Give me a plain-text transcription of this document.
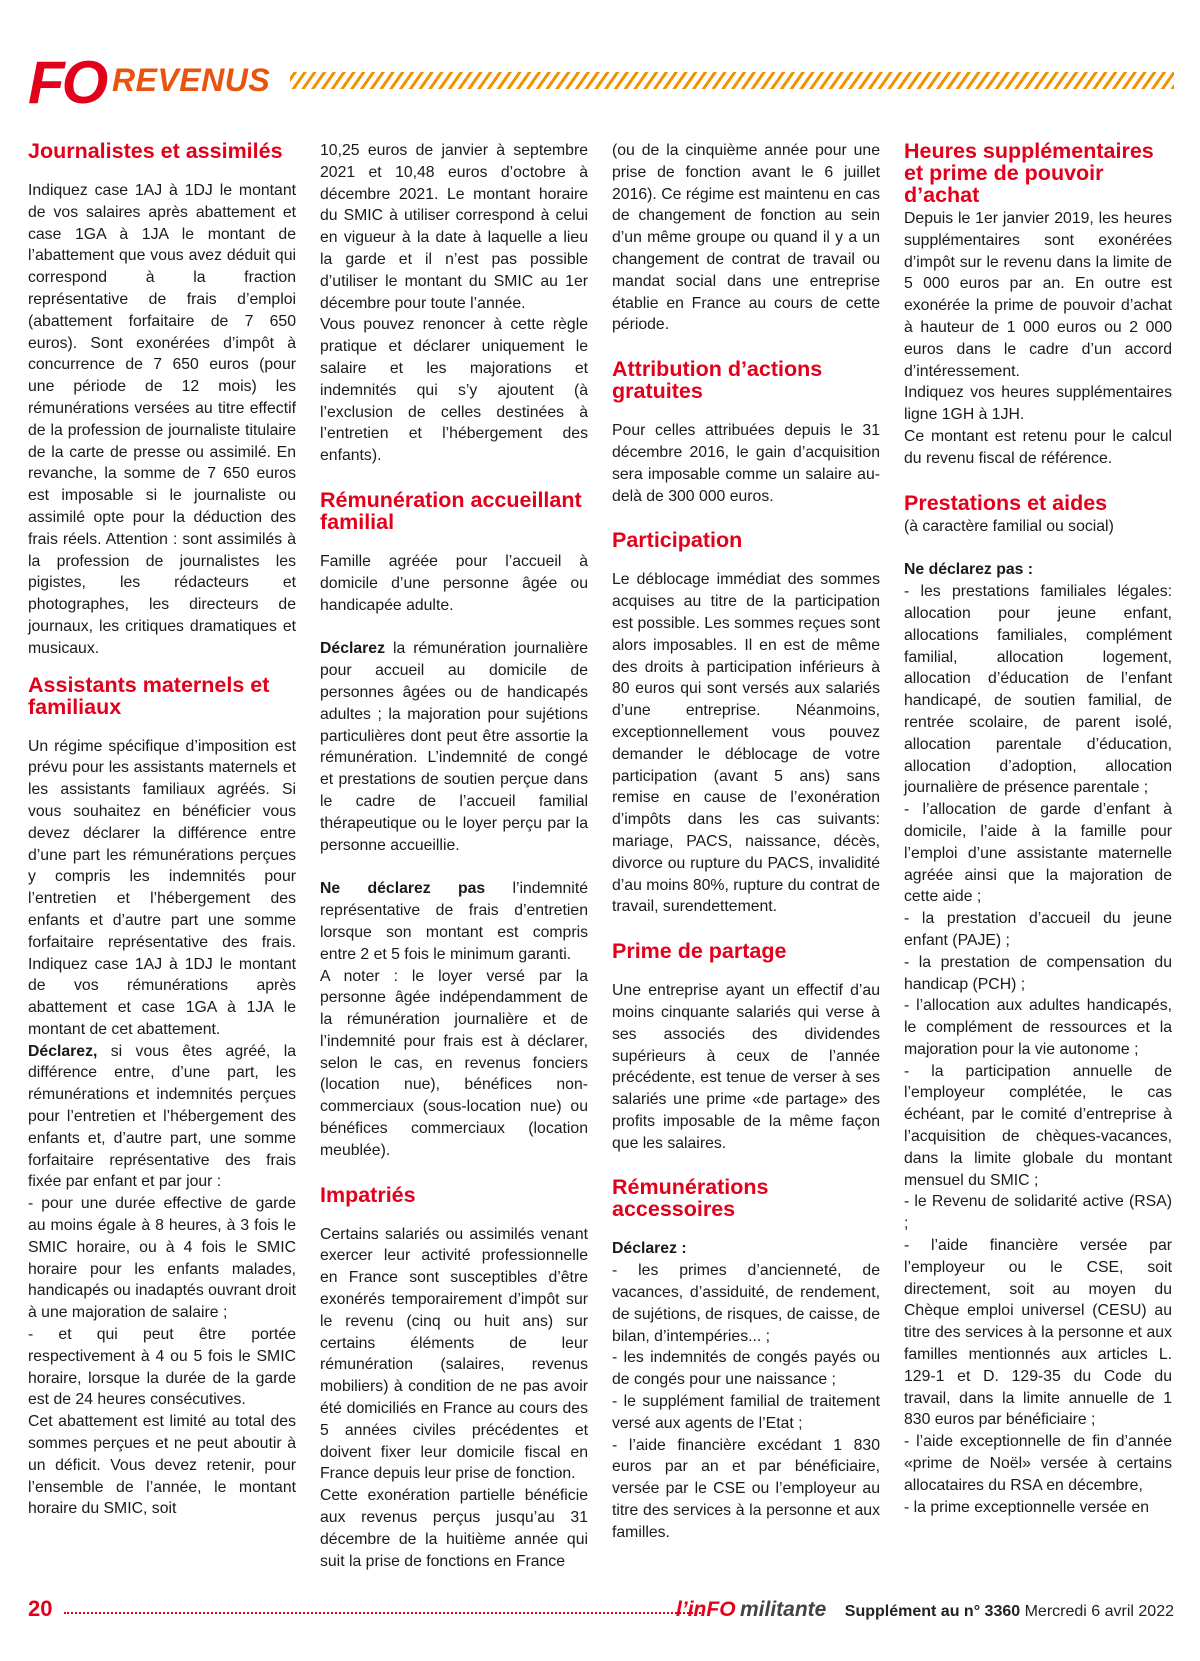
FO REVENUS
Journalistes et assimilés

Indiquez case 1AJ à 1DJ le montant de vos salaires après abattement et case 1GA à 1JA le montant de l’abattement que vous avez déduit qui correspond à la fraction représentative de frais d’emploi (abattement forfaitaire de 7 650 euros). Sont exonérées d’impôt à concurrence de 7 650 euros (pour une période de 12 mois) les rémunérations versées au titre effectif de la profession de journaliste titulaire de la carte de presse ou assimilé. En revanche, la somme de 7 650 euros est imposable si le journaliste ou assimilé opte pour la déduction des frais réels. Attention : sont assimilés à la profession de journalistes les pigistes, les rédacteurs et photographes, les directeurs de journaux, les critiques dramatiques et musicaux.

Assistants maternels et familiaux

Un régime spécifique d’imposition est prévu pour les assistants maternels et les assistants familiaux agréés. Si vous souhaitez en bénéficier vous devez déclarer la différence entre d’une part les rémunérations perçues y compris les indemnités pour l’entretien et l’hébergement des enfants et d’autre part une somme forfaitaire représentative des frais. Indiquez case 1AJ à 1DJ le montant de vos rémunérations après abattement et case 1GA à 1JA le montant de cet abattement.

Déclarez, si vous êtes agréé, la différence entre, d’une part, les rémunérations et indemnités perçues pour l’entretien et l’hébergement des enfants et, d’autre part, une somme forfaitaire représentative des frais fixée par enfant et par jour :

- pour une durée effective de garde au moins égale à 8 heures, à 3 fois le SMIC horaire, ou à 4 fois le SMIC horaire pour les enfants malades, handicapés ou inadaptés ouvrant droit à une majoration de salaire ;

- et qui peut être portée respectivement à 4 ou 5 fois le SMIC horaire, lorsque la durée de la garde est de 24 heures consécutives.

Cet abattement est limité au total des sommes perçues et ne peut aboutir à un déficit. Vous devez retenir, pour l’ensemble de l’année, le montant horaire du SMIC, soit

10,25 euros de janvier à septembre 2021 et 10,48 euros d’octobre à décembre 2021. Le montant horaire du SMIC à utiliser correspond à celui en vigueur à la date à laquelle a lieu la garde et il n’est pas possible d’utiliser le montant du SMIC au 1er décembre pour toute l’année.

Vous pouvez renoncer à cette règle pratique et déclarer uniquement le salaire et les majorations et indemnités qui s’y ajoutent (à l’exclusion de celles destinées à l’entretien et l’hébergement des enfants).

Rémunération accueillant familial

Famille agréée pour l’accueil à domicile d’une personne âgée ou handicapée adulte.

Déclarez la rémunération journalière pour accueil au domicile de personnes âgées ou de handicapés adultes ; la majoration pour sujétions particulières dont peut être assortie la rémunération. L’indemnité de congé et prestations de soutien perçue dans le cadre de l’accueil familial thérapeutique ou le loyer perçu par la personne accueillie.

Ne déclarez pas l’indemnité représentative de frais d’entretien lorsque son montant est compris entre 2 et 5 fois le minimum garanti.

A noter : le loyer versé par la personne âgée indépendamment de la rémunération journalière et de l’indemnité pour frais est à déclarer, selon le cas, en revenus fonciers (location nue), bénéfices non-commerciaux (sous-location nue) ou bénéfices commerciaux (location meublée).

Impatriés

Certains salariés ou assimilés venant exercer leur activité professionnelle en France sont susceptibles d’être exonérés temporairement d’impôt sur le revenu (cinq ou huit ans) sur certains éléments de leur rémunération (salaires, revenus mobiliers) à condition de ne pas avoir été domiciliés en France au cours des 5 années civiles précédentes et doivent fixer leur domicile fiscal en France depuis leur prise de fonction.

Cette exonération partielle bénéficie aux revenus perçus jusqu’au 31 décembre de la huitième année qui suit la prise de fonctions en France

(ou de la cinquième année pour une prise de fonction avant le 6 juillet 2016). Ce régime est maintenu en cas de changement de fonction au sein d’un même groupe ou quand il y a un changement de contrat de travail ou mandat social dans une entreprise établie en France au cours de cette période.

Attribution d’actions gratuites

Pour celles attribuées depuis le 31 décembre 2016, le gain d’acquisition sera imposable comme un salaire au-delà de 300 000 euros.

Participation

Le déblocage immédiat des sommes acquises au titre de la participation est possible. Les sommes reçues sont alors imposables. Il en est de même des droits à participation inférieurs à 80 euros qui sont versés aux salariés d’une entreprise. Néanmoins, exceptionnellement vous pouvez demander le déblocage de votre participation (avant 5 ans) sans remise en cause de l’exonération d’impôts dans les cas suivants: mariage, PACS, naissance, décès, divorce ou rupture du PACS, invalidité d’au moins 80%, rupture du contrat de travail, surendettement.

Prime de partage

Une entreprise ayant un effectif d’au moins cinquante salariés qui verse à ses associés des dividendes supérieurs à ceux de l’année précédente, est tenue de verser à ses salariés une prime «de partage» des profits imposable de la même façon que les salaires.

Rémunérations accessoires

Déclarez :

- les primes d’ancienneté, de vacances, d’assiduité, de rendement, de sujétions, de risques, de caisse, de bilan, d’intempéries... ;

- les indemnités de congés payés ou de congés pour une naissance ;

- le supplément familial de traitement versé aux agents de l’Etat ;

- l’aide financière excédant 1 830 euros par an et par bénéficiaire, versée par le CSE ou l’employeur au titre des services à la personne et aux familles.

Heures supplémentaires et prime de pouvoir d’achat

Depuis le 1er janvier 2019, les heures supplémentaires sont exonérées d’impôt sur le revenu dans la limite de 5 000 euros par an. En outre est exonérée la prime de pouvoir d’achat à hauteur de 1 000 euros ou 2 000 euros dans le cadre d’un accord d’intéressement.

Indiquez vos heures supplémentaires ligne 1GH à 1JH.

Ce montant est retenu pour le calcul du revenu fiscal de référence.

Prestations et aides

(à caractère familial ou social)

Ne déclarez pas :

- les prestations familiales légales: allocation pour jeune enfant, allocations familiales, complément familial, allocation logement, allocation d’éducation de l’enfant handicapé, de soutien familial, de rentrée scolaire, de parent isolé, allocation parentale d’éducation, allocation d’adoption, allocation journalière de présence parentale ;

- l’allocation de garde d’enfant à domicile, l’aide à la famille pour l’emploi d’une assistante maternelle agréée ainsi que la majoration de cette aide ;

- la prestation d’accueil du jeune enfant (PAJE) ;

- la prestation de compensation du handicap (PCH) ;

- l’allocation aux adultes handicapés, le complément de ressources et la majoration pour la vie autonome ;

- la participation annuelle de l’employeur complétée, le cas échéant, par le comité d’entreprise à l’acquisition de chèques-vacances, dans la limite globale du montant mensuel du SMIC ;

- le Revenu de solidarité active (RSA) ;

- l’aide financière versée par l’employeur ou le CSE, soit directement, soit au moyen du Chèque emploi universel (CESU) au titre des services à la personne et aux familles mentionnés aux articles L. 129-1 et D. 129-35 du Code du travail, dans la limite annuelle de 1 830 euros par bénéficiaire ;

- l’aide exceptionnelle de fin d’année «prime de Noël» versée à certains allocataires du RSA en décembre,

- la prime exceptionnelle versée en

20	l’inFO militante Supplément au n° 3360 Mercredi 6 avril 2022
